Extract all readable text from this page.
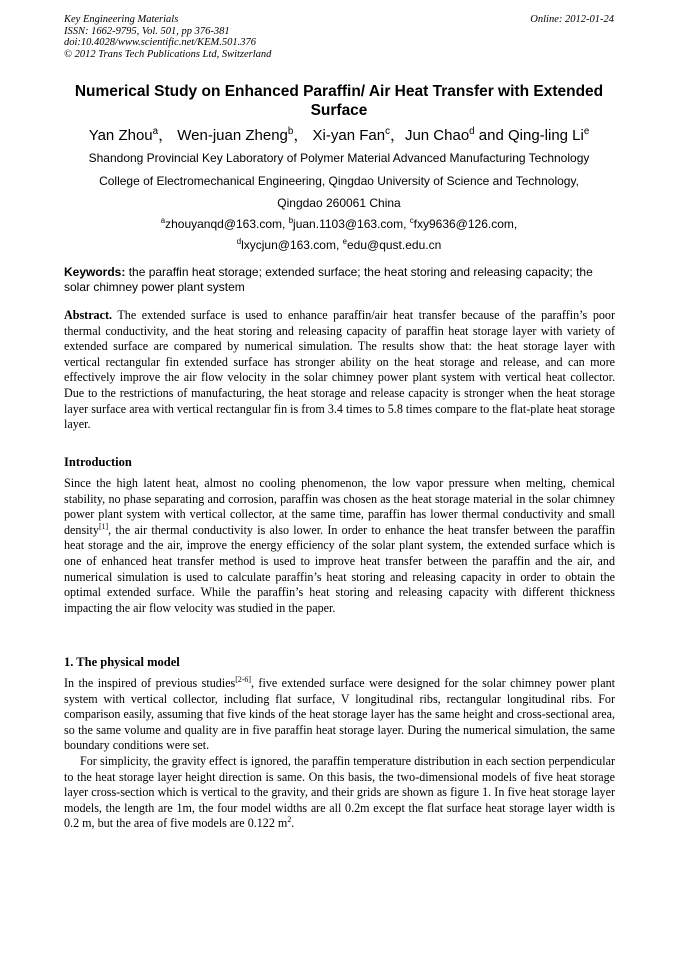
Key Engineering Materials
ISSN: 1662-9795, Vol. 501, pp 376-381
doi:10.4028/www.scientific.net/KEM.501.376
© 2012 Trans Tech Publications Ltd, Switzerland
Online: 2012-01-24
Numerical Study on Enhanced Paraffin/ Air Heat Transfer with Extended Surface
Yan Zhou$^a$， Wen-juan Zheng$^b$， Xi-yan Fan$^c$，Jun Chao$^d$ and Qing-ling Li$^e$
Shandong Provincial Key Laboratory of Polymer Material Advanced Manufacturing Technology
College of Electromechanical Engineering, Qingdao University of Science and Technology,
Qingdao 260061 China
$^a$zhouyanqd@163.com, $^b$juan.1103@163.com, $^c$fxy9636@126.com,
$^d$lxycjun@163.com, $^e$edu@qust.edu.cn
Keywords: the paraffin heat storage; extended surface; the heat storing and releasing capacity; the solar chimney power plant system

Abstract. The extended surface is used to enhance paraffin/air heat transfer because of the paraffin’s poor thermal conductivity, and the heat storing and releasing capacity of paraffin heat storage layer with variety of extended surface are compared by numerical simulation. The results show that: the heat storage layer with vertical rectangular fin extended surface has stronger ability on the heat storage and release, and can more effectively improve the air flow velocity in the solar chimney power plant system with vertical heat collector. Due to the restrictions of manufacturing, the heat storage and release capacity is stronger when the heat storage layer surface area with vertical rectangular fin is from 3.4 times to 5.8 times compare to the flat-plate heat storage layer.

Introduction

Since the high latent heat, almost no cooling phenomenon, the low vapor pressure when melting, chemical stability, no phase separating and corrosion, paraffin was chosen as the heat storage material in the solar chimney power plant system with vertical collector, at the same time, paraffin has lower thermal conductivity and small density[1], the air thermal conductivity is also lower. In order to enhance the heat transfer between the paraffin heat storage and the air, improve the energy efficiency of the solar plant system, the extended surface which is one of enhanced heat transfer method is used to improve heat transfer between the paraffin and the air, and numerical simulation is used to calculate paraffin’s heat storing and releasing capacity in order to obtain the optimal extended surface. While the paraffin’s heat storing and releasing capacity with different thickness impacting the air flow velocity was studied in the paper.

1. The physical model

In the inspired of previous studies[2-6], five extended surface were designed for the solar chimney power plant system with vertical collector, including flat surface, V longitudinal ribs, rectangular longitudinal ribs. For comparison easily, assuming that five kinds of the heat storage layer has the same height and cross-sectional area, so the same volume and quality are in five paraffin heat storage layer. During the numerical simulation, the same boundary conditions were set.

For simplicity, the gravity effect is ignored, the paraffin temperature distribution in each section perpendicular to the heat storage layer height direction is same. On this basis, the two-dimensional models of five heat storage layer cross-section which is vertical to the gravity, and their grids are shown as figure 1. In five heat storage layer models, the length are 1m, the four model widths are all 0.2m except the flat surface heat storage layer width is 0.2 m, but the area of five models are 0.122 $m^2$.
